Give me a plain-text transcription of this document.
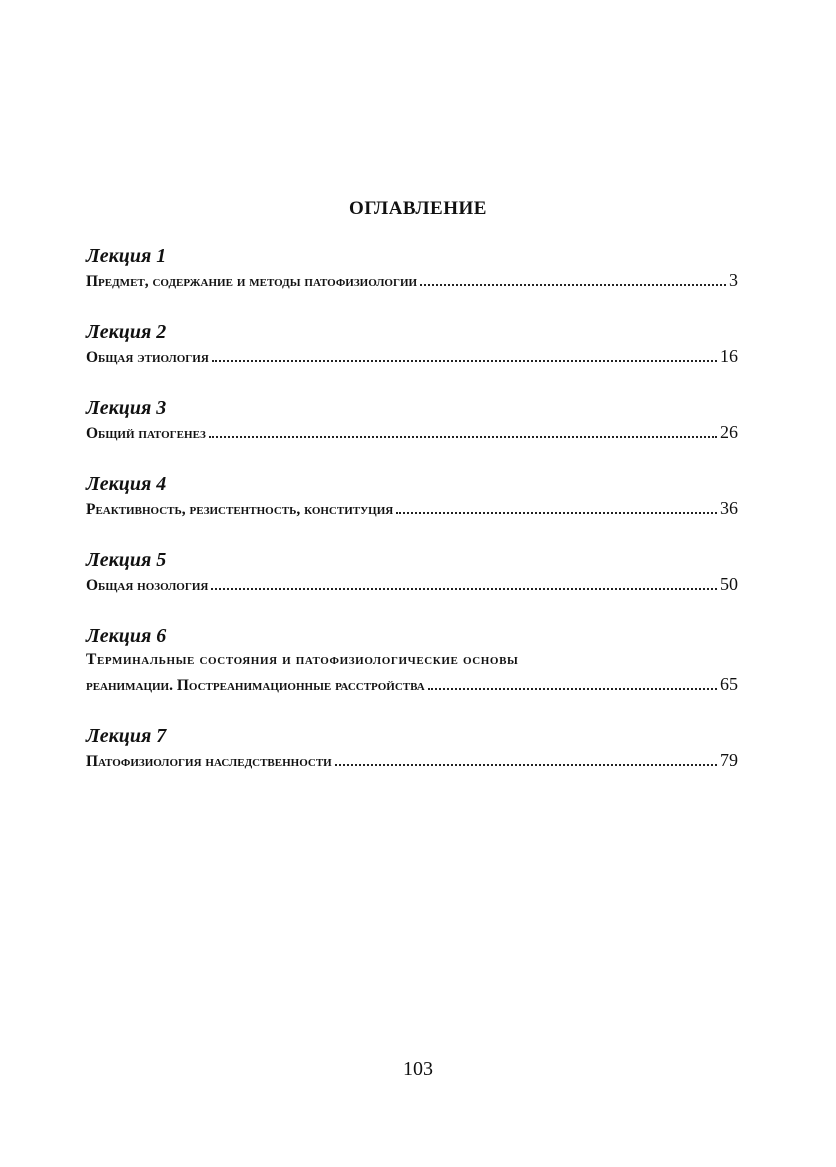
ОГЛАВЛЕНИЕ
Лекция 1
Предмет, содержание и методы патофизиологии	3
Лекция 2
Общая этиология	16
Лекция 3
Общий патогенез	26
Лекция 4
Реактивность, резистентность, конституция	36
Лекция 5
Общая нозология	50
Лекция 6
Терминальные состояния и патофизиологические основы
реанимации. Постреанимационные расстройства	65
Лекция 7
Патофизиология наследственности	79
103
